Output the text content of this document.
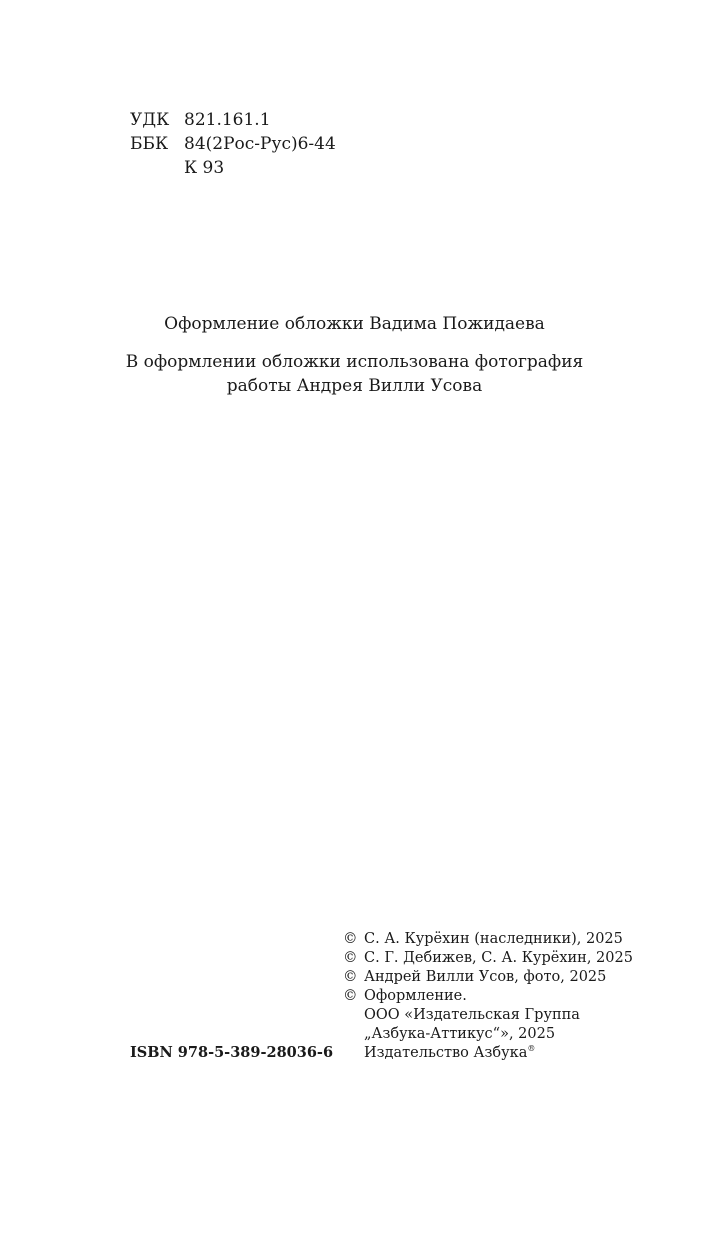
УДК 821.161.1
ББК 84(2Рос-Рус)6-44
К 93
Оформление обложки Вадима Пожидаева
В оформлении обложки использована фотография
работы Андрея Вилли Усова
© С. А. Курёхин (наследники), 2025
© С. Г. Дебижев, С. А. Курёхин, 2025
© Андрей Вилли Усов, фото, 2025
© Оформление.
ООО «Издательская Группа
„Азбука-Аттикус“», 2025
Издательство Азбука®
ISBN 978-5-389-28036-6
